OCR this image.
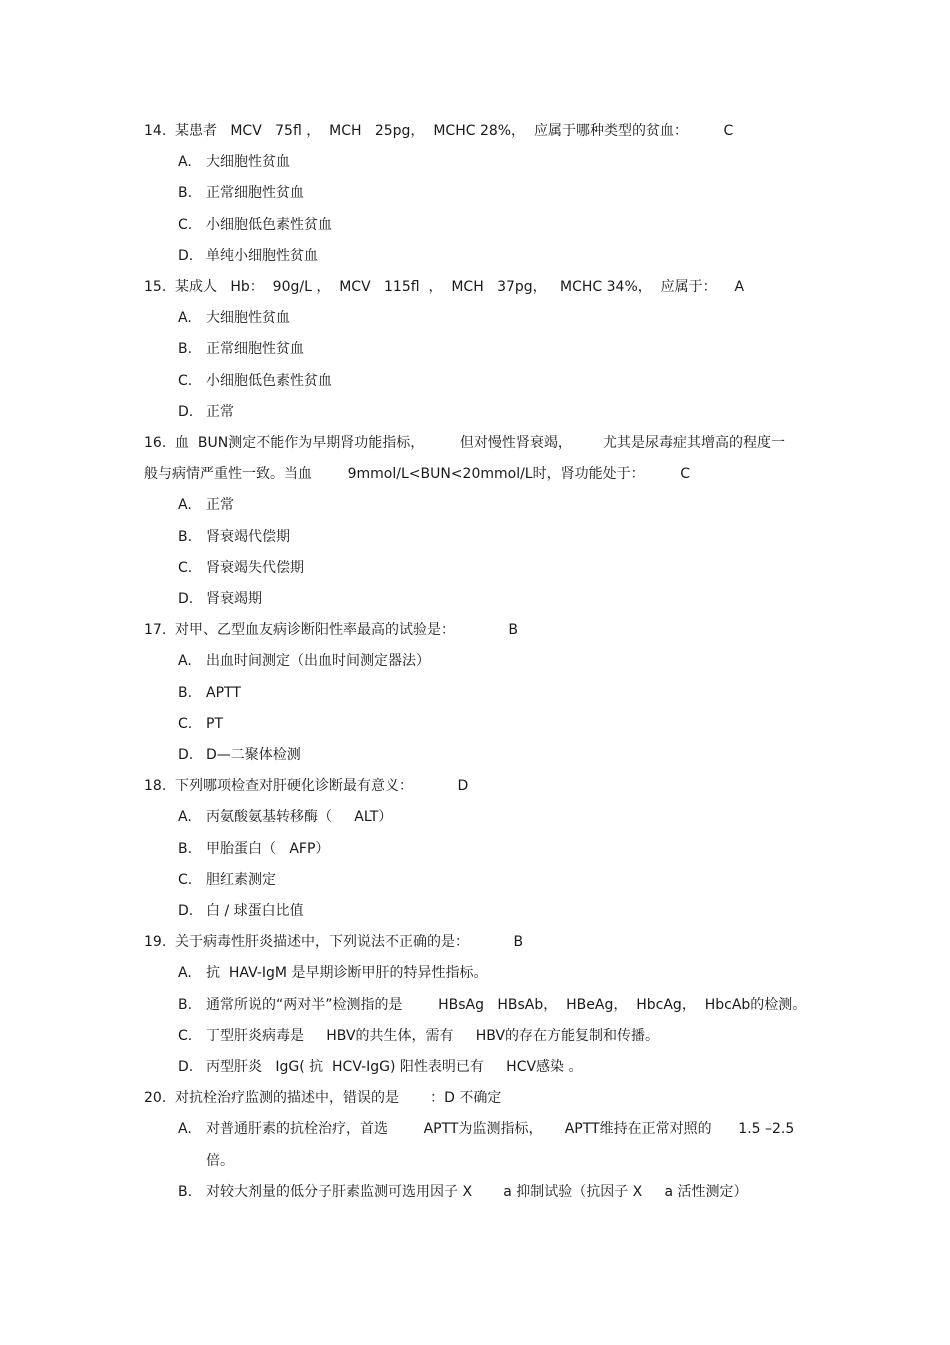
14. 某患者   MCV   75fl ，  MCH   25pg，  MCHC 28%，  应属于哪种类型的贫血：        C
A. 大细胞性贫血
B. 正常细胞性贫血
C. 小细胞低色素性贫血
D. 单纯小细胞性贫血
15. 某成人   Hb：  90g/L ，  MCV   115fl  ，  MCH   37pg，   MCHC 34%，  应属于：    A
A. 大细胞性贫血
B. 正常细胞性贫血
C. 小细胞低色素性贫血
D. 正常
16. 血  BUN测定不能作为早期肾功能指标，        但对慢性肾衰竭，       尤其是尿毒症其增高的程度一
般与病情严重性一致。当血        9mmol/L<BUN<20mmol/L时，肾功能处于：        C
A. 正常
B. 肾衰竭代偿期
C. 肾衰竭失代偿期
D. 肾衰竭期
17. 对甲、乙型血友病诊断阳性率最高的试验是：            B
A. 出血时间测定（出血时间测定器法）
B. APTT
C. PT
D. D—二聚体检测
18. 下列哪项检查对肝硬化诊断最有意义：          D
A. 丙氨酸氨基转移酶（     ALT）
B. 甲胎蛋白（   AFP）
C. 胆红素测定
D. 白 / 球蛋白比值
19. 关于病毒性肝炎描述中，下列说法不正确的是：          B
A. 抗  HAV-IgM 是早期诊断甲肝的特异性指标。
B. 通常所说的“两对半”检测指的是        HBsAg   HBsAb，  HBeAg，  HbcAg，  HbcAb的检测。
C. 丁型肝炎病毒是     HBV的共生体，需有     HBV的存在方能复制和传播。
D. 丙型肝炎   IgG( 抗  HCV-IgG) 阳性表明已有     HCV感染 。
20. 对抗栓治疗监测的描述中，错误的是       ：D 不确定
A. 对普通肝素的抗栓治疗，首选        APTT为监测指标，     APTT维持在正常对照的      1.5 –2.5
倍。
B. 对较大剂量的低分子肝素监测可选用因子 X       a 抑制试验（抗因子 X     a 活性测定）
